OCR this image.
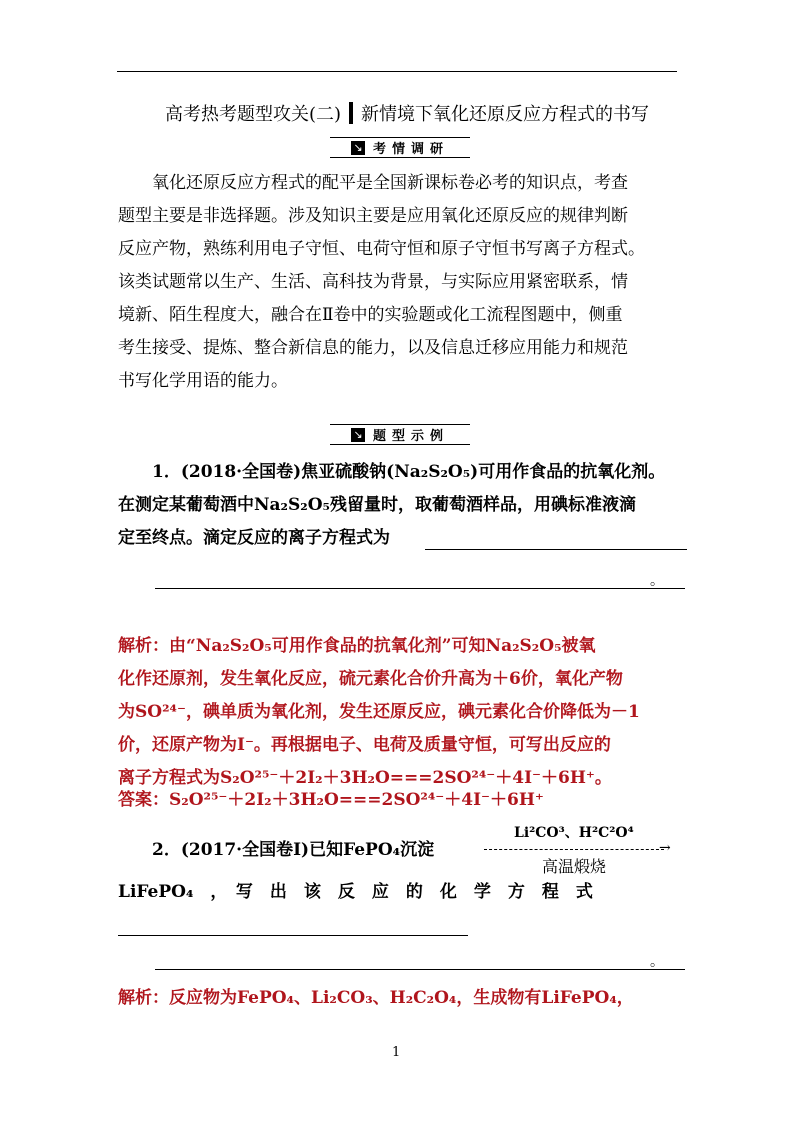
高考热考题型攻关(二) 新情境下氧化还原反应方程式的书写
↘ 考情调研

　　氧化还原反应方程式的配平是全国新课标卷必考的知识点，考查

题型主要是非选择题。涉及知识主要是应用氧化还原反应的规律判断

反应产物，熟练利用电子守恒、电荷守恒和原子守恒书写离子方程式。

该类试题常以生产、生活、高科技为背景，与实际应用紧密联系，情

境新、陌生程度大，融合在Ⅱ卷中的实验题或化工流程图题中，侧重

考生接受、提炼、整合新信息的能力，以及信息迁移应用能力和规范

书写化学用语的能力。

↘ 题型示例

　　1．(2018·全国卷)焦亚硫酸钠(Na₂S₂O₅)可用作食品的抗氧化剂。

在测定某葡萄酒中Na₂S₂O₅残留量时，取葡萄酒样品，用碘标准液滴

定至终点。滴定反应的离子方程式为

。

解析：由“Na₂S₂O₅可用作食品的抗氧化剂”可知Na₂S₂O₅被氧

化作还原剂，发生氧化反应，硫元素化合价升高为＋6价，氧化产物

为SO²⁴⁻，碘单质为氧化剂，发生还原反应，碘元素化合价降低为－1

价，还原产物为I⁻。再根据电子、电荷及质量守恒，可写出反应的

离子方程式为S₂O²⁵⁻＋2I₂＋3H₂O===2SO²⁴⁻＋4I⁻＋6H⁺。

答案：S₂O²⁵⁻＋2I₂＋3H₂O===2SO²⁴⁻＋4I⁻＋6H⁺

　　2．(2017·全国卷Ⅰ)已知FePO₄沉淀

Li²CO³、H²C²O⁴
→
高温煅烧

LiFePO₄　，　写　出　该　反　应　的　化　学　方　程　式

。

解析：反应物为FePO₄、Li₂CO₃、H₂C₂O₄，生成物有LiFePO₄，

1
